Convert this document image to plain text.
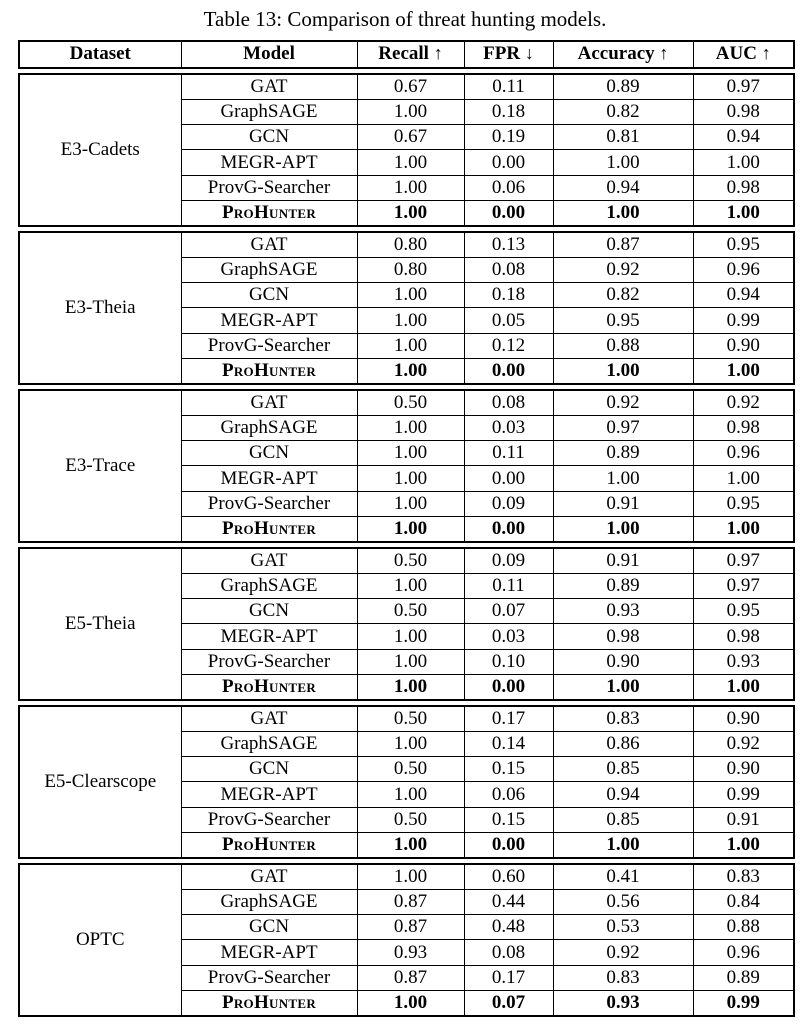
Table 13: Comparison of threat hunting models.
Dataset	Model	Recall ↑	FPR ↓	Accuracy ↑	AUC ↑
E3-Cadets	GAT	0.67	0.11	0.89	0.97
	GraphSAGE	1.00	0.18	0.82	0.98
	GCN	0.67	0.19	0.81	0.94
	MEGR-APT	1.00	0.00	1.00	1.00
	ProvG-Searcher	1.00	0.06	0.94	0.98
	ProHunter	1.00	0.00	1.00	1.00
E3-Theia	GAT	0.80	0.13	0.87	0.95
	GraphSAGE	0.80	0.08	0.92	0.96
	GCN	1.00	0.18	0.82	0.94
	MEGR-APT	1.00	0.05	0.95	0.99
	ProvG-Searcher	1.00	0.12	0.88	0.90
	ProHunter	1.00	0.00	1.00	1.00
E3-Trace	GAT	0.50	0.08	0.92	0.92
	GraphSAGE	1.00	0.03	0.97	0.98
	GCN	1.00	0.11	0.89	0.96
	MEGR-APT	1.00	0.00	1.00	1.00
	ProvG-Searcher	1.00	0.09	0.91	0.95
	ProHunter	1.00	0.00	1.00	1.00
E5-Theia	GAT	0.50	0.09	0.91	0.97
	GraphSAGE	1.00	0.11	0.89	0.97
	GCN	0.50	0.07	0.93	0.95
	MEGR-APT	1.00	0.03	0.98	0.98
	ProvG-Searcher	1.00	0.10	0.90	0.93
	ProHunter	1.00	0.00	1.00	1.00
E5-Clearscope	GAT	0.50	0.17	0.83	0.90
	GraphSAGE	1.00	0.14	0.86	0.92
	GCN	0.50	0.15	0.85	0.90
	MEGR-APT	1.00	0.06	0.94	0.99
	ProvG-Searcher	0.50	0.15	0.85	0.91
	ProHunter	1.00	0.00	1.00	1.00
OPTC	GAT	1.00	0.60	0.41	0.83
	GraphSAGE	0.87	0.44	0.56	0.84
	GCN	0.87	0.48	0.53	0.88
	MEGR-APT	0.93	0.08	0.92	0.96
	ProvG-Searcher	0.87	0.17	0.83	0.89
	ProHunter	1.00	0.07	0.93	0.99
